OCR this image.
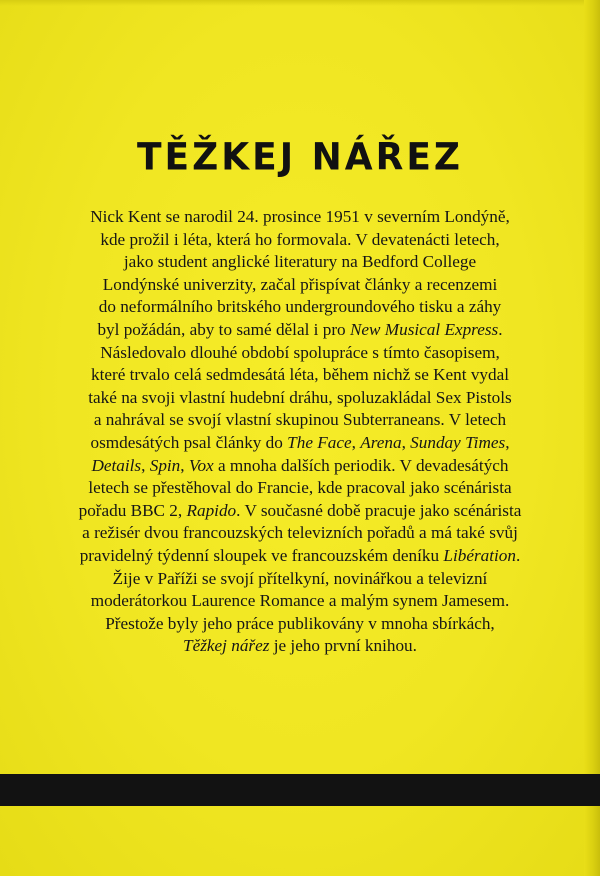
TĚŽKEJ NÁŘEZ
Nick Kent se narodil 24. prosince 1951 v severním Londýně,
kde prožil i léta, která ho formovala. V devatenácti letech,
jako student anglické literatury na Bedford College
Londýnské univerzity, začal přispívat články a recenzemi
do neformálního britského undergroundového tisku a záhy
byl požádán, aby to samé dělal i pro New Musical Express.
Následovalo dlouhé období spolupráce s tímto časopisem,
které trvalo celá sedmdesátá léta, během nichž se Kent vydal
také na svoji vlastní hudební dráhu, spoluzakládal Sex Pistols
a nahrával se svojí vlastní skupinou Subterraneans. V letech
osmdesátých psal články do The Face, Arena, Sunday Times,
Details, Spin, Vox a mnoha dalších periodik. V devadesátých
letech se přestěhoval do Francie, kde pracoval jako scénárista
pořadu BBC 2, Rapido. V současné době pracuje jako scénárista
a režisér dvou francouzských televizních pořadů a má také svůj
pravidelný týdenní sloupek ve francouzském deníku Libération.
Žije v Paříži se svojí přítelkyní, novinářkou a televizní
moderátorkou Laurence Romance a malým synem Jamesem.
Přestože byly jeho práce publikovány v mnoha sbírkách,
Těžkej nářez je jeho první knihou.
